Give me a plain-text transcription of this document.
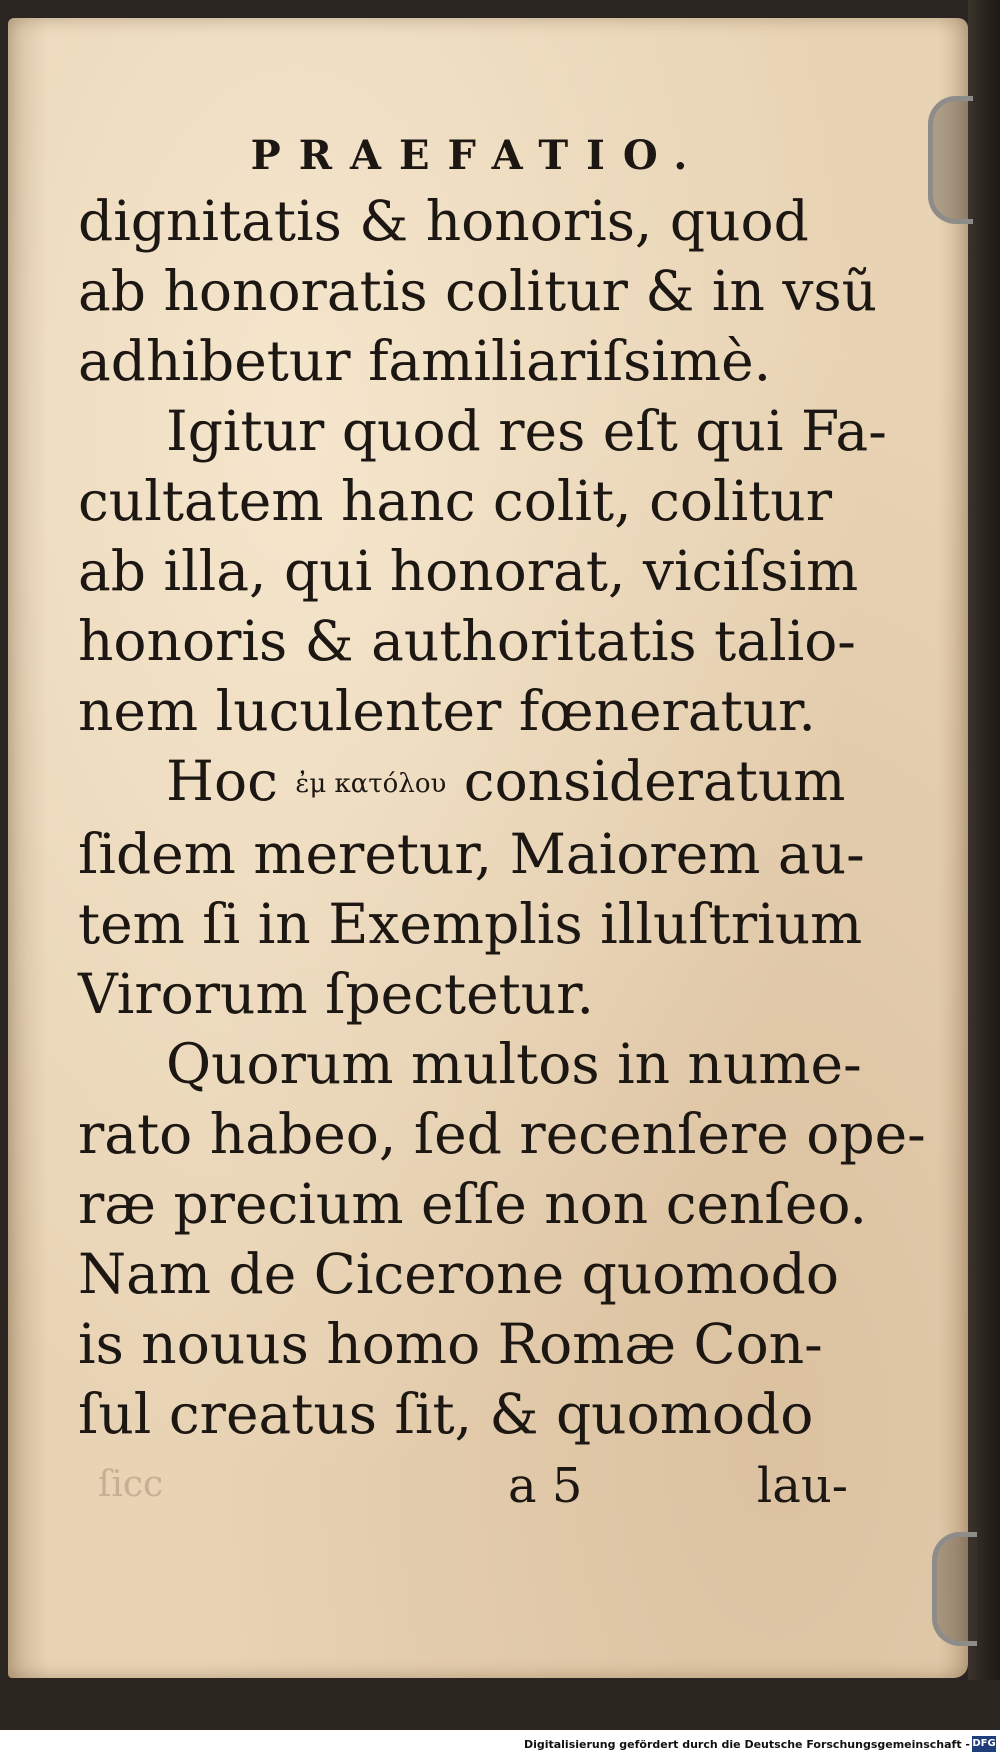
PRAEFATIO.
dignitatis & honoris, quod
ab honoratis colitur & in vsũ
adhibetur familiariſsimè.
Igitur quod res eſt qui Fa-
cultatem hanc colit, colitur
ab illa, qui honorat, viciſsim
honoris & authoritatis talio-
nem luculenter fœneratur.
Hoc ἐμ κατόλου consideratum
ſidem meretur, Maiorem au-
tem ſi in Exemplis illuſtrium
Virorum ſpectetur.
Quorum multos in nume-
rato habeo, ſed recenſere ope-
ræ precium eſſe non cenſeo.
Nam de Cicerone quomodo
is nouus homo Romæ Con-
ſul creatus ſit, & quomodo
ſicc	a 5	lau-
Digitalisierung gefördert durch die Deutsche Forschungsgemeinschaft - DFG
